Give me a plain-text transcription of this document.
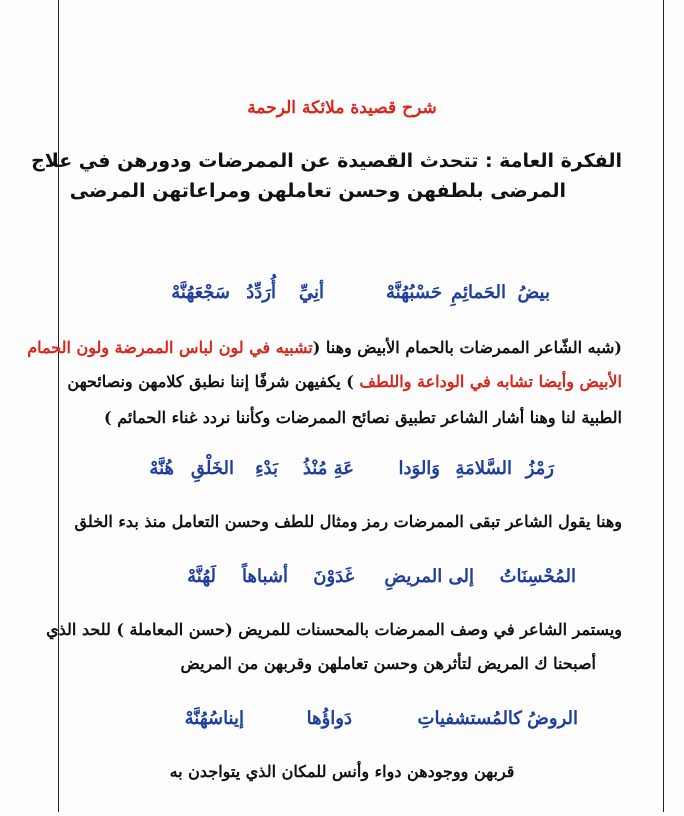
شرح قصيدة ملائكة الرحمة
الفكرة العامة : تتحدث القصيدة عن الممرضات ودورهن في علاج
المرضى بلطفهن وحسن تعاملهن ومراعاتهن المرضى
بيضُ
الحَمائِمِ
حَسْبُهُنَّهْ
أنِيِّ
أُرَدِّدُ
سَجْعَهُنَّهْ
(شبه الشّاعر الممرضات بالحمام الأبيض وهنا (تشبيه في لون لباس الممرضة ولون الحمام
الأبيض وأيضا تشابه في الوداعة واللطف ) يكفيهن شرفًا إننا نطبق كلامهن ونصائحهن
الطبية لنا وهنا أشار الشاعر تطبيق نصائح الممرضات وكأننا نردد غناء الحمائم )
رَمْزُ
السَّلامَةِ
وَالوَدا
عَةِ مُنْذُ
بَدْءِ
الخَلْقِ
هُنَّهْ
وهنا يقول الشاعر تبقى الممرضات رمز ومثال للطف وحسن التعامل منذ بدء الخلق
المُحْسِنَاتُ
إلى المريضِ
غَدَوْنَ
أشباهاً
لَهُنَّهْ
ويستمر الشاعر في وصف الممرضات بالمحسنات للمريض (حسن المعاملة ) للحد الذي
أصبحنا ك المريض لتأثرهن وحسن تعاملهن وقربهن من المريض
الروضُ
كالمُستشفياتِ
دَواؤُها
إيناسُهُنَّهْ
قربهن ووجودهن دواء وأنس للمكان الذي يتواجدن به
